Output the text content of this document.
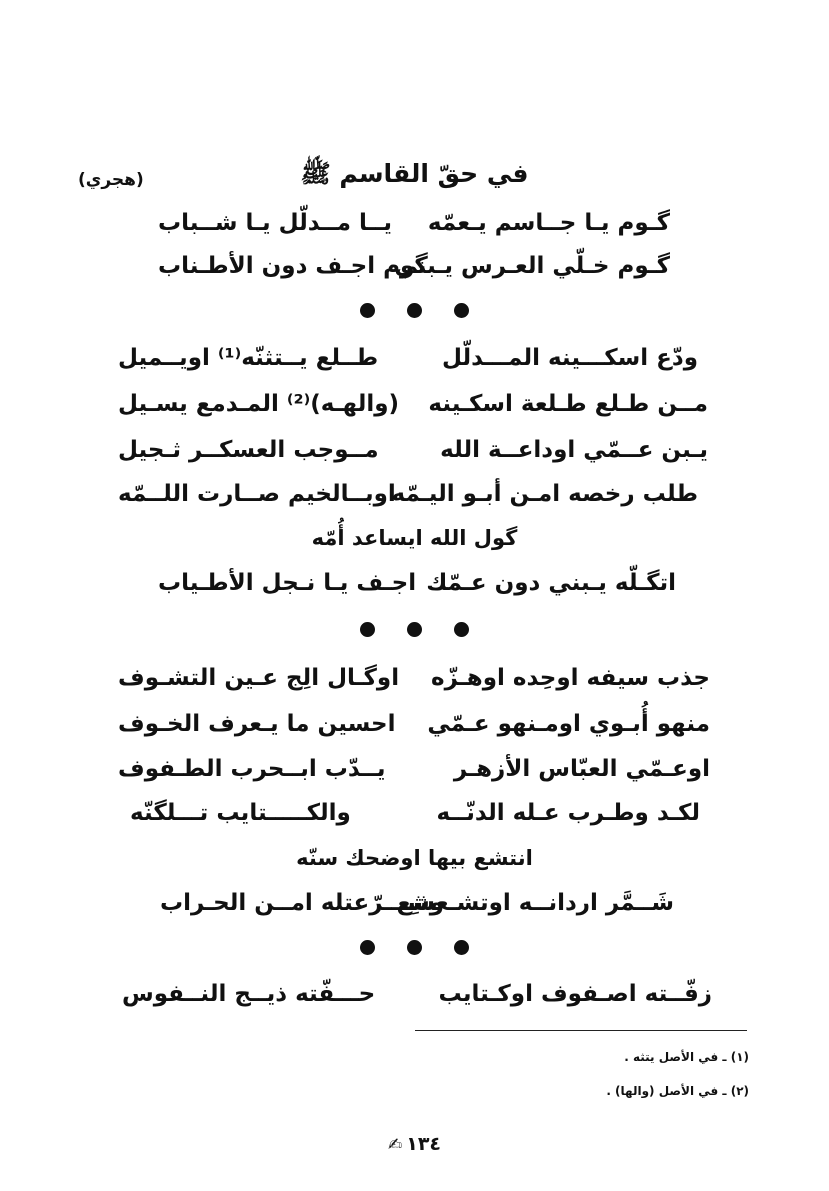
في حقّ القاسم ﷺ
(هجري)
گـوم يـا جــاسم يـعمّه
يــا مــدلّل يـا شــباب
گـوم خـلّي العـرس يـبني
گوم اجـف دون الأطـناب
ودّع اسكـــينه المـــدلّل
طــلع يــتثنّه⁽¹⁾ اويــميل
مــن طـلع طـلعة اسكـينه
(والهـه)⁽²⁾ المـدمع يسـيل
يـبن عــمّي اوداعــة الله
مــوجب العسكــر ثـجيل
طلب رخصه امـن أبـو اليـمّه
اوبــالخيم صــارت اللــمّه
گول الله ايساعد أُمّه
اتگـلّه يـبني دون عـمّك
اجـف يـا نـجل الأطـياب
جذب سيفه اوحِده اوهـزّه
اوگـال الِج عـين التشـوف
منهو أُبـوي اومـنهو عـمّي
احسين ما يـعرف الخـوف
اوعـمّي العبّاس الأزهـر
يــدّب ابــحرب الطـفوف
لكـد وطـرب عـله الدنّــه
والكـــــتايب تـــلگنّه
انتشع بيها اوضحك سنّه
شَــمَّر اردانــه اوتشـعشع
وشِـــرّعتله امــن الحـراب
زفّــته اصـفوف اوكـتايب
حـــفّته ذيــج النــفوس
(١) ـ في الأصل يتثه .
(٢) ـ في الأصل (والها) .
١٣٤✍
